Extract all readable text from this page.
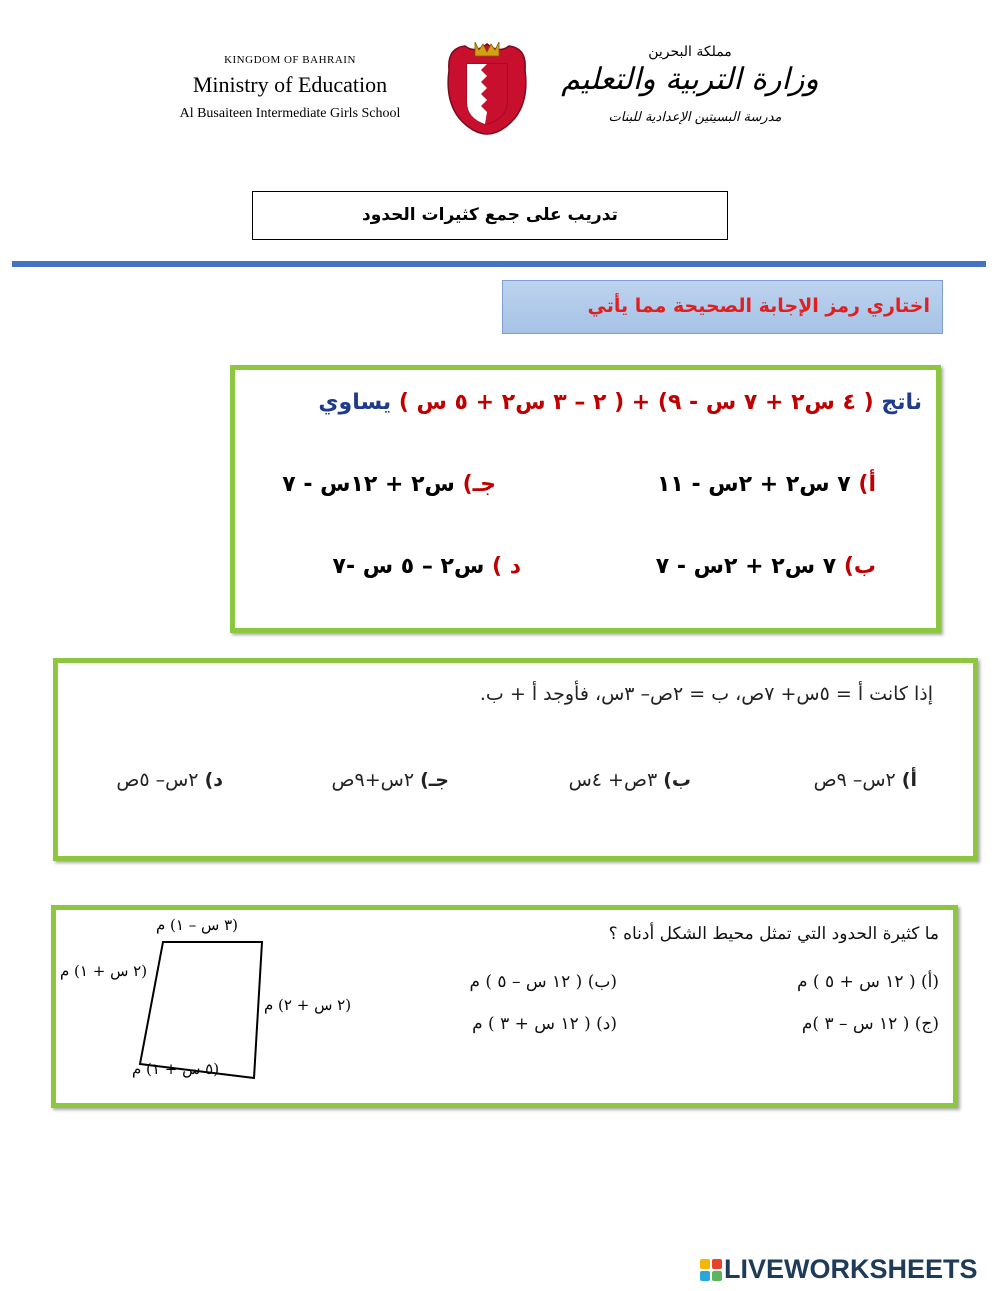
KINGDOM OF BAHRAIN
Ministry of Education
Al Busaiteen Intermediate Girls School
مملكة البحرين
وزارة التربية والتعليم
مدرسة البسيتين الإعدادية للبنات
تدريب على جمع كثيرات الحدود
اختاري رمز الإجابة الصحيحة مما يأتي
ناتج ( ٤ س٢ + ٧ س - ٩) + ( ٢ – ٣ س٢ + ٥ س ) يساوي
أ) ٧ س٢ + ٢س - ١١
جـ) س٢ + ١٢س - ٧
ب) ٧ س٢ + ٢س - ٧
د ) س٢ – ٥ س -٧
إذا كانت أ = ٥س+ ٧ص، ب = ٢ص– ٣س، فأوجد أ + ب.
أ) ٢س– ٩ص
ب) ٣ص+ ٤س
جـ) ٢س+٩ص
د) ٢س– ٥ص
ما كثيرة الحدود التي تمثل محيط الشكل أدناه ؟
(أ) ( ١٢ س + ٥ ) م
(ب) ( ١٢ س – ٥ ) م
(ج) ( ١٢ س – ٣ )م
(د) ( ١٢ س + ٣ ) م
(٣ س – ١) م
(٢ س + ١) م
(٢ س + ٢) م
(٥ س + ١) م
LIVEWORKSHEETS
